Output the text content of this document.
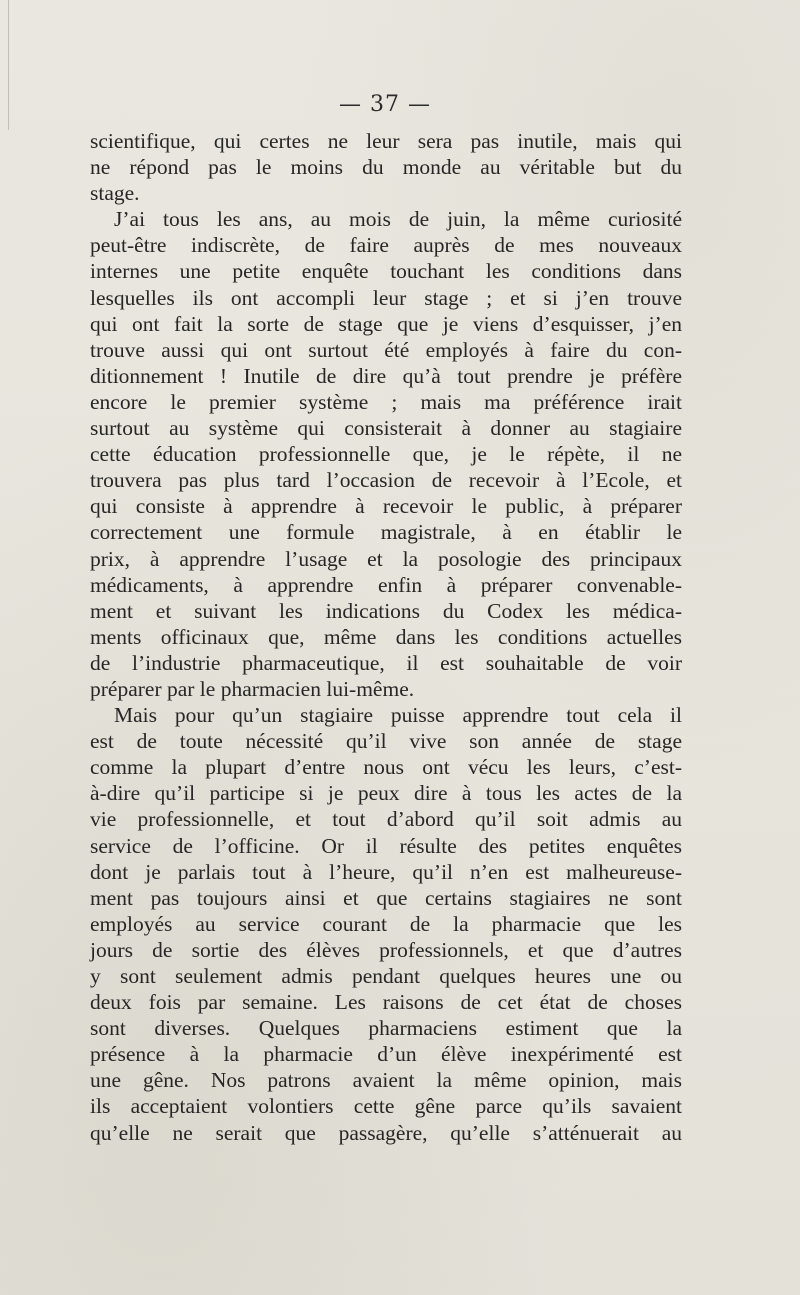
— 37 —
scientifique, qui certes ne leur sera pas inutile, mais qui
ne répond pas le moins du monde au véritable but du
stage.
J’ai tous les ans, au mois de juin, la même curiosité
peut-être indiscrète, de faire auprès de mes nouveaux
internes une petite enquête touchant les conditions dans
lesquelles ils ont accompli leur stage ; et si j’en trouve
qui ont fait la sorte de stage que je viens d’esquisser, j’en
trouve aussi qui ont surtout été employés à faire du con-
ditionnement ! Inutile de dire qu’à tout prendre je préfère
encore le premier système ; mais ma préférence irait
surtout au système qui consisterait à donner au stagiaire
cette éducation professionnelle que, je le répète, il ne
trouvera pas plus tard l’occasion de recevoir à l’Ecole, et
qui consiste à apprendre à recevoir le public, à préparer
correctement une formule magistrale, à en établir le
prix, à apprendre l’usage et la posologie des principaux
médicaments, à apprendre enfin à préparer convenable-
ment et suivant les indications du Codex les médica-
ments officinaux que, même dans les conditions actuelles
de l’industrie pharmaceutique, il est souhaitable de voir
préparer par le pharmacien lui-même.
Mais pour qu’un stagiaire puisse apprendre tout cela il
est de toute nécessité qu’il vive son année de stage
comme la plupart d’entre nous ont vécu les leurs, c’est-
à-dire qu’il participe si je peux dire à tous les actes de la
vie professionnelle, et tout d’abord qu’il soit admis au
service de l’officine. Or il résulte des petites enquêtes
dont je parlais tout à l’heure, qu’il n’en est malheureuse-
ment pas toujours ainsi et que certains stagiaires ne sont
employés au service courant de la pharmacie que les
jours de sortie des élèves professionnels, et que d’autres
y sont seulement admis pendant quelques heures une ou
deux fois par semaine. Les raisons de cet état de choses
sont diverses. Quelques pharmaciens estiment que la
présence à la pharmacie d’un élève inexpérimenté est
une gêne. Nos patrons avaient la même opinion, mais
ils acceptaient volontiers cette gêne parce qu’ils savaient
qu’elle ne serait que passagère, qu’elle s’atténuerait au
